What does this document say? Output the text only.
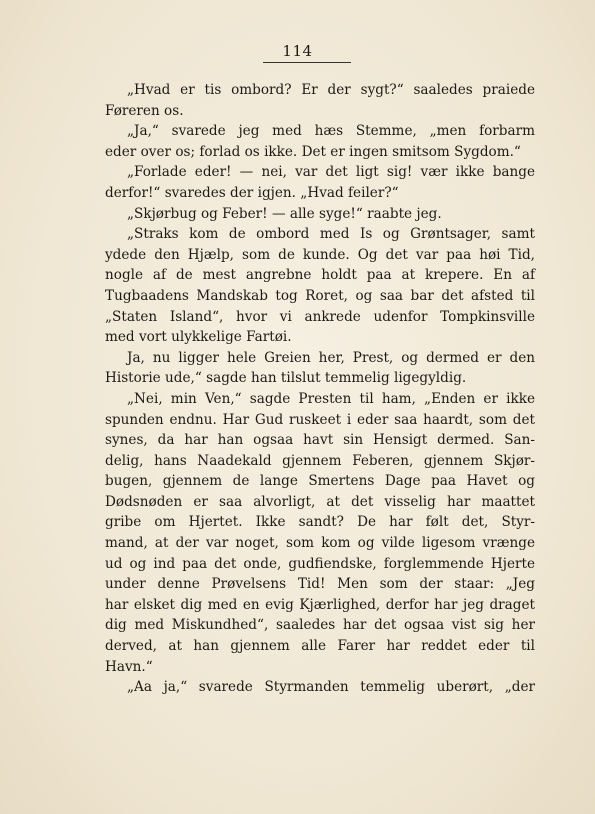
114
„Hvad er tis ombord? Er der sygt?“ saaledes praiede
Føreren os.
„Ja,“ svarede jeg med hæs Stemme, „men forbarm
eder over os; forlad os ikke. Det er ingen smitsom Sygdom.“
„Forlade eder! — nei, var det ligt sig! vær ikke bange
derfor!“ svaredes der igjen. „Hvad feiler?“
„Skjørbug og Feber! — alle syge!“ raabte jeg.
„Straks kom de ombord med Is og Grøntsager, samt
ydede den Hjælp, som de kunde. Og det var paa høi Tid,
nogle af de mest angrebne holdt paa at krepere. En af
Tugbaadens Mandskab tog Roret, og saa bar det afsted til
„Staten Island“, hvor vi ankrede udenfor Tompkinsville
med vort ulykkelige Fartøi.
Ja, nu ligger hele Greien her, Prest, og dermed er den
Historie ude,“ sagde han tilslut temmelig ligegyldig.
„Nei, min Ven,“ sagde Presten til ham, „Enden er ikke
spunden endnu. Har Gud ruskeet i eder saa haardt, som det
synes, da har han ogsaa havt sin Hensigt dermed. San-
delig, hans Naadekald gjennem Feberen, gjennem Skjør-
bugen, gjennem de lange Smertens Dage paa Havet og
Dødsnøden er saa alvorligt, at det visselig har maattet
gribe om Hjertet. Ikke sandt? De har følt det, Styr-
mand, at der var noget, som kom og vilde ligesom vrænge
ud og ind paa det onde, gudfiendske, forglemmende Hjerte
under denne Prøvelsens Tid! Men som der staar: „Jeg
har elsket dig med en evig Kjærlighed, derfor har jeg draget
dig med Miskundhed“, saaledes har det ogsaa vist sig her
derved, at han gjennem alle Farer har reddet eder til
Havn.“
„Aa ja,“ svarede Styrmanden temmelig uberørt, „der
